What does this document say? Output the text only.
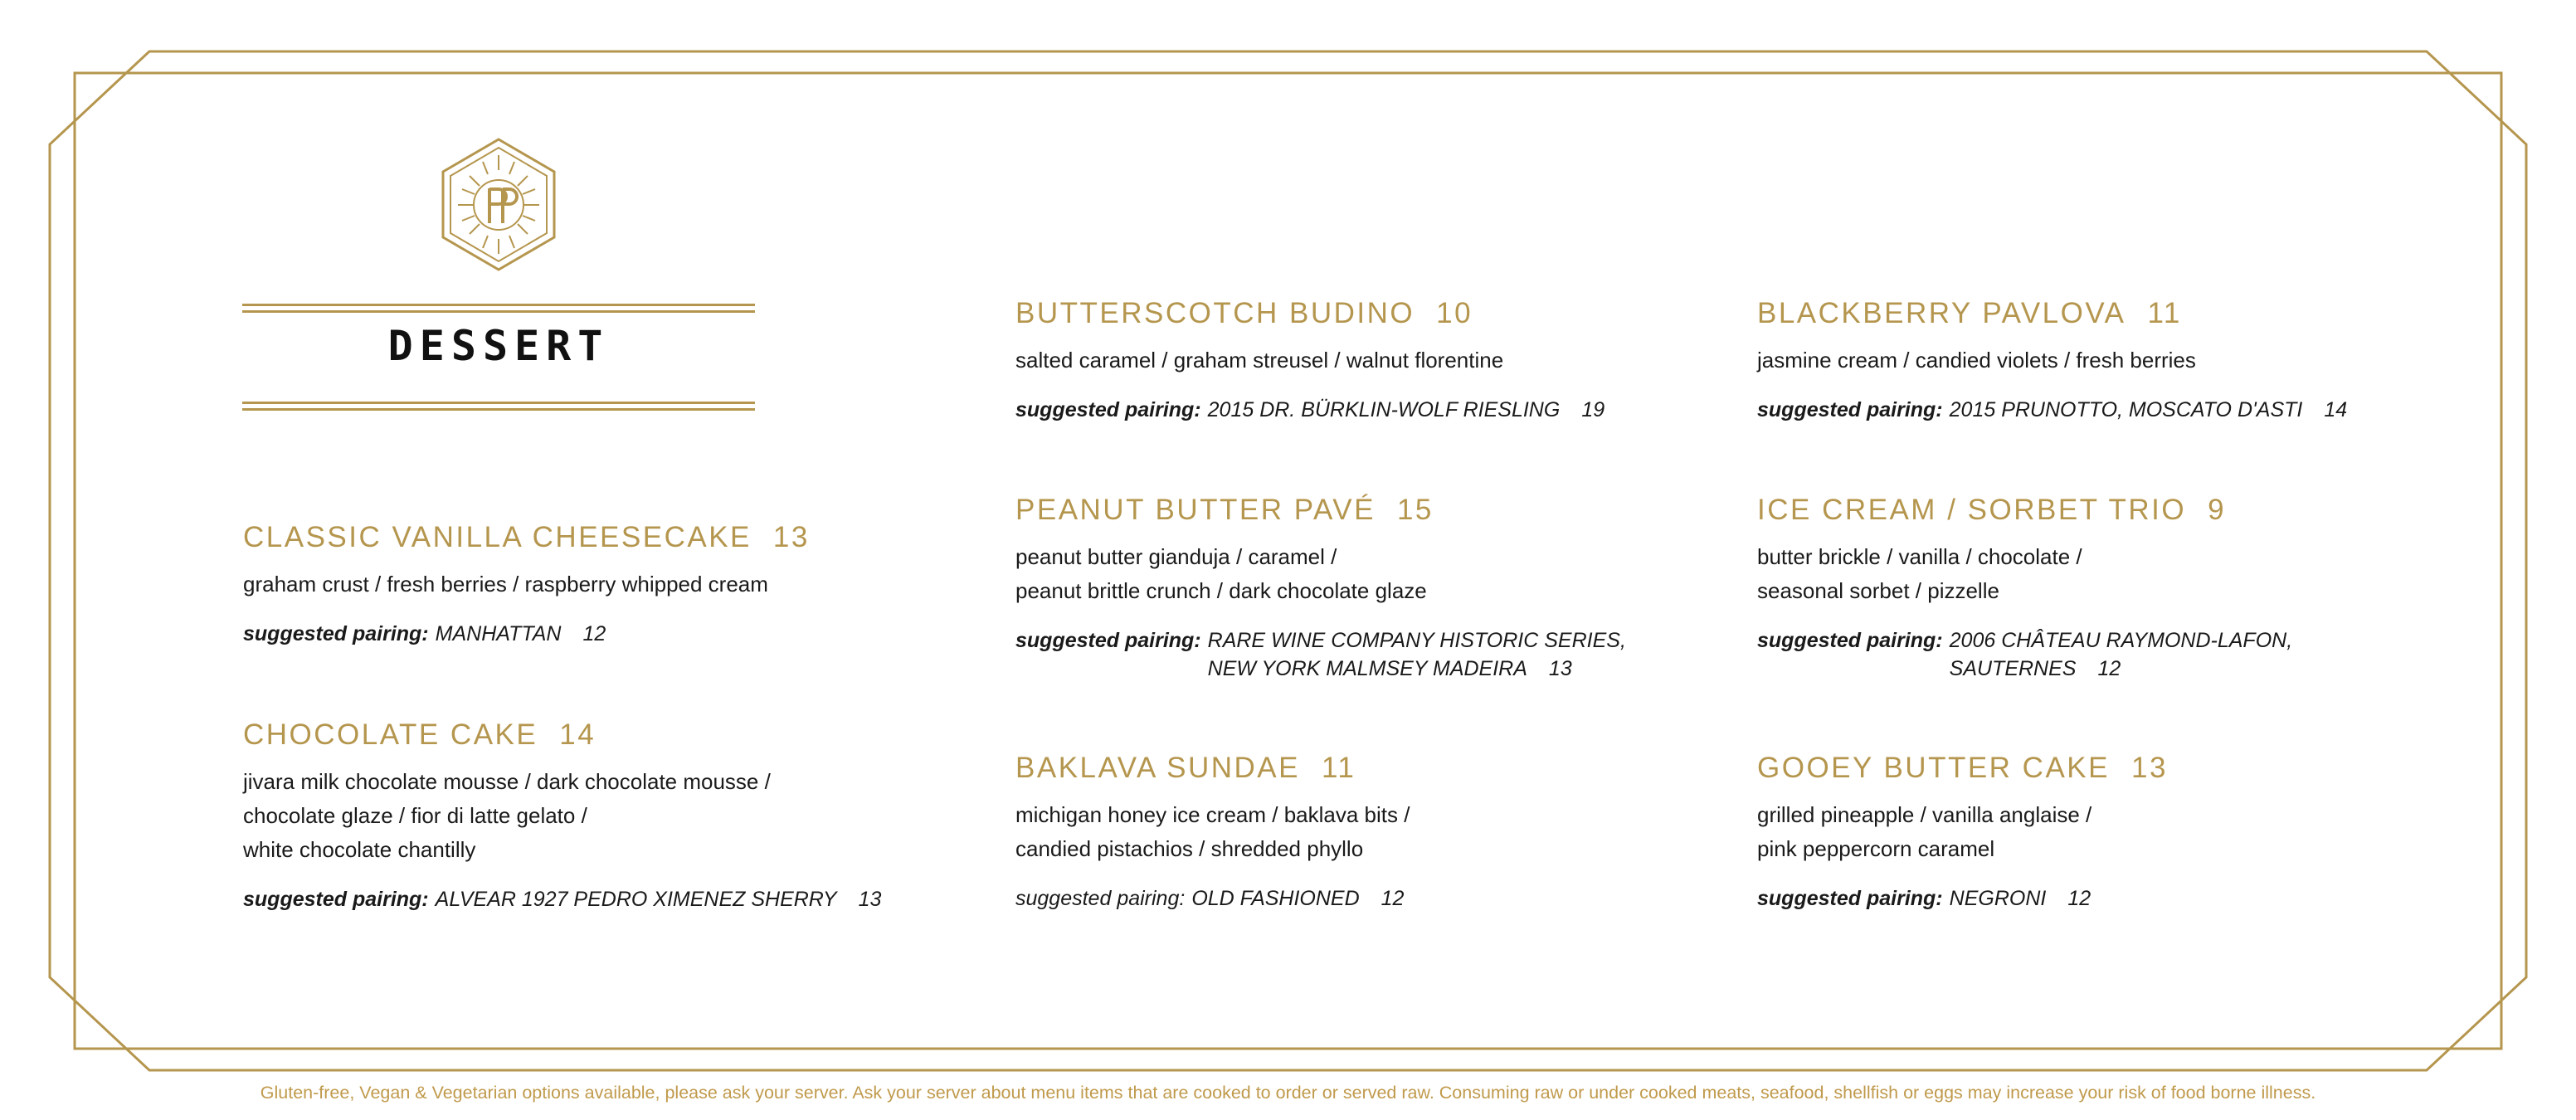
DESSERT
CLASSIC VANILLA CHEESECAKE 13
graham crust / fresh berries / raspberry whipped cream
suggested pairing: MANHATTAN 12
CHOCOLATE CAKE 14
jivara milk chocolate mousse / dark chocolate mousse /
chocolate glaze / fior di latte gelato /
white chocolate chantilly
suggested pairing: ALVEAR 1927 PEDRO XIMENEZ SHERRY 13
BUTTERSCOTCH BUDINO 10
salted caramel / graham streusel / walnut florentine
suggested pairing: 2015 DR. BÜRKLIN-WOLF RIESLING 19
PEANUT BUTTER PAVÉ 15
peanut butter gianduja / caramel /
peanut brittle crunch / dark chocolate glaze
suggested pairing: RARE WINE COMPANY HISTORIC SERIES,
NEW YORK MALMSEY MADEIRA 13
BAKLAVA SUNDAE 11
michigan honey ice cream / baklava bits /
candied pistachios / shredded phyllo
suggested pairing: OLD FASHIONED 12
BLACKBERRY PAVLOVA 11
jasmine cream / candied violets / fresh berries
suggested pairing: 2015 PRUNOTTO, MOSCATO D'ASTI 14
ICE CREAM / SORBET TRIO 9
butter brickle / vanilla / chocolate /
seasonal sorbet / pizzelle
suggested pairing: 2006 CHÂTEAU RAYMOND-LAFON,
SAUTERNES 12
GOOEY BUTTER CAKE 13
grilled pineapple / vanilla anglaise /
pink peppercorn caramel
suggested pairing: NEGRONI 12
Gluten-free, Vegan & Vegetarian options available, please ask your server. Ask your server about menu items that are cooked to order or served raw. Consuming raw or under cooked meats, seafood, shellfish or eggs may increase your risk of food borne illness.
